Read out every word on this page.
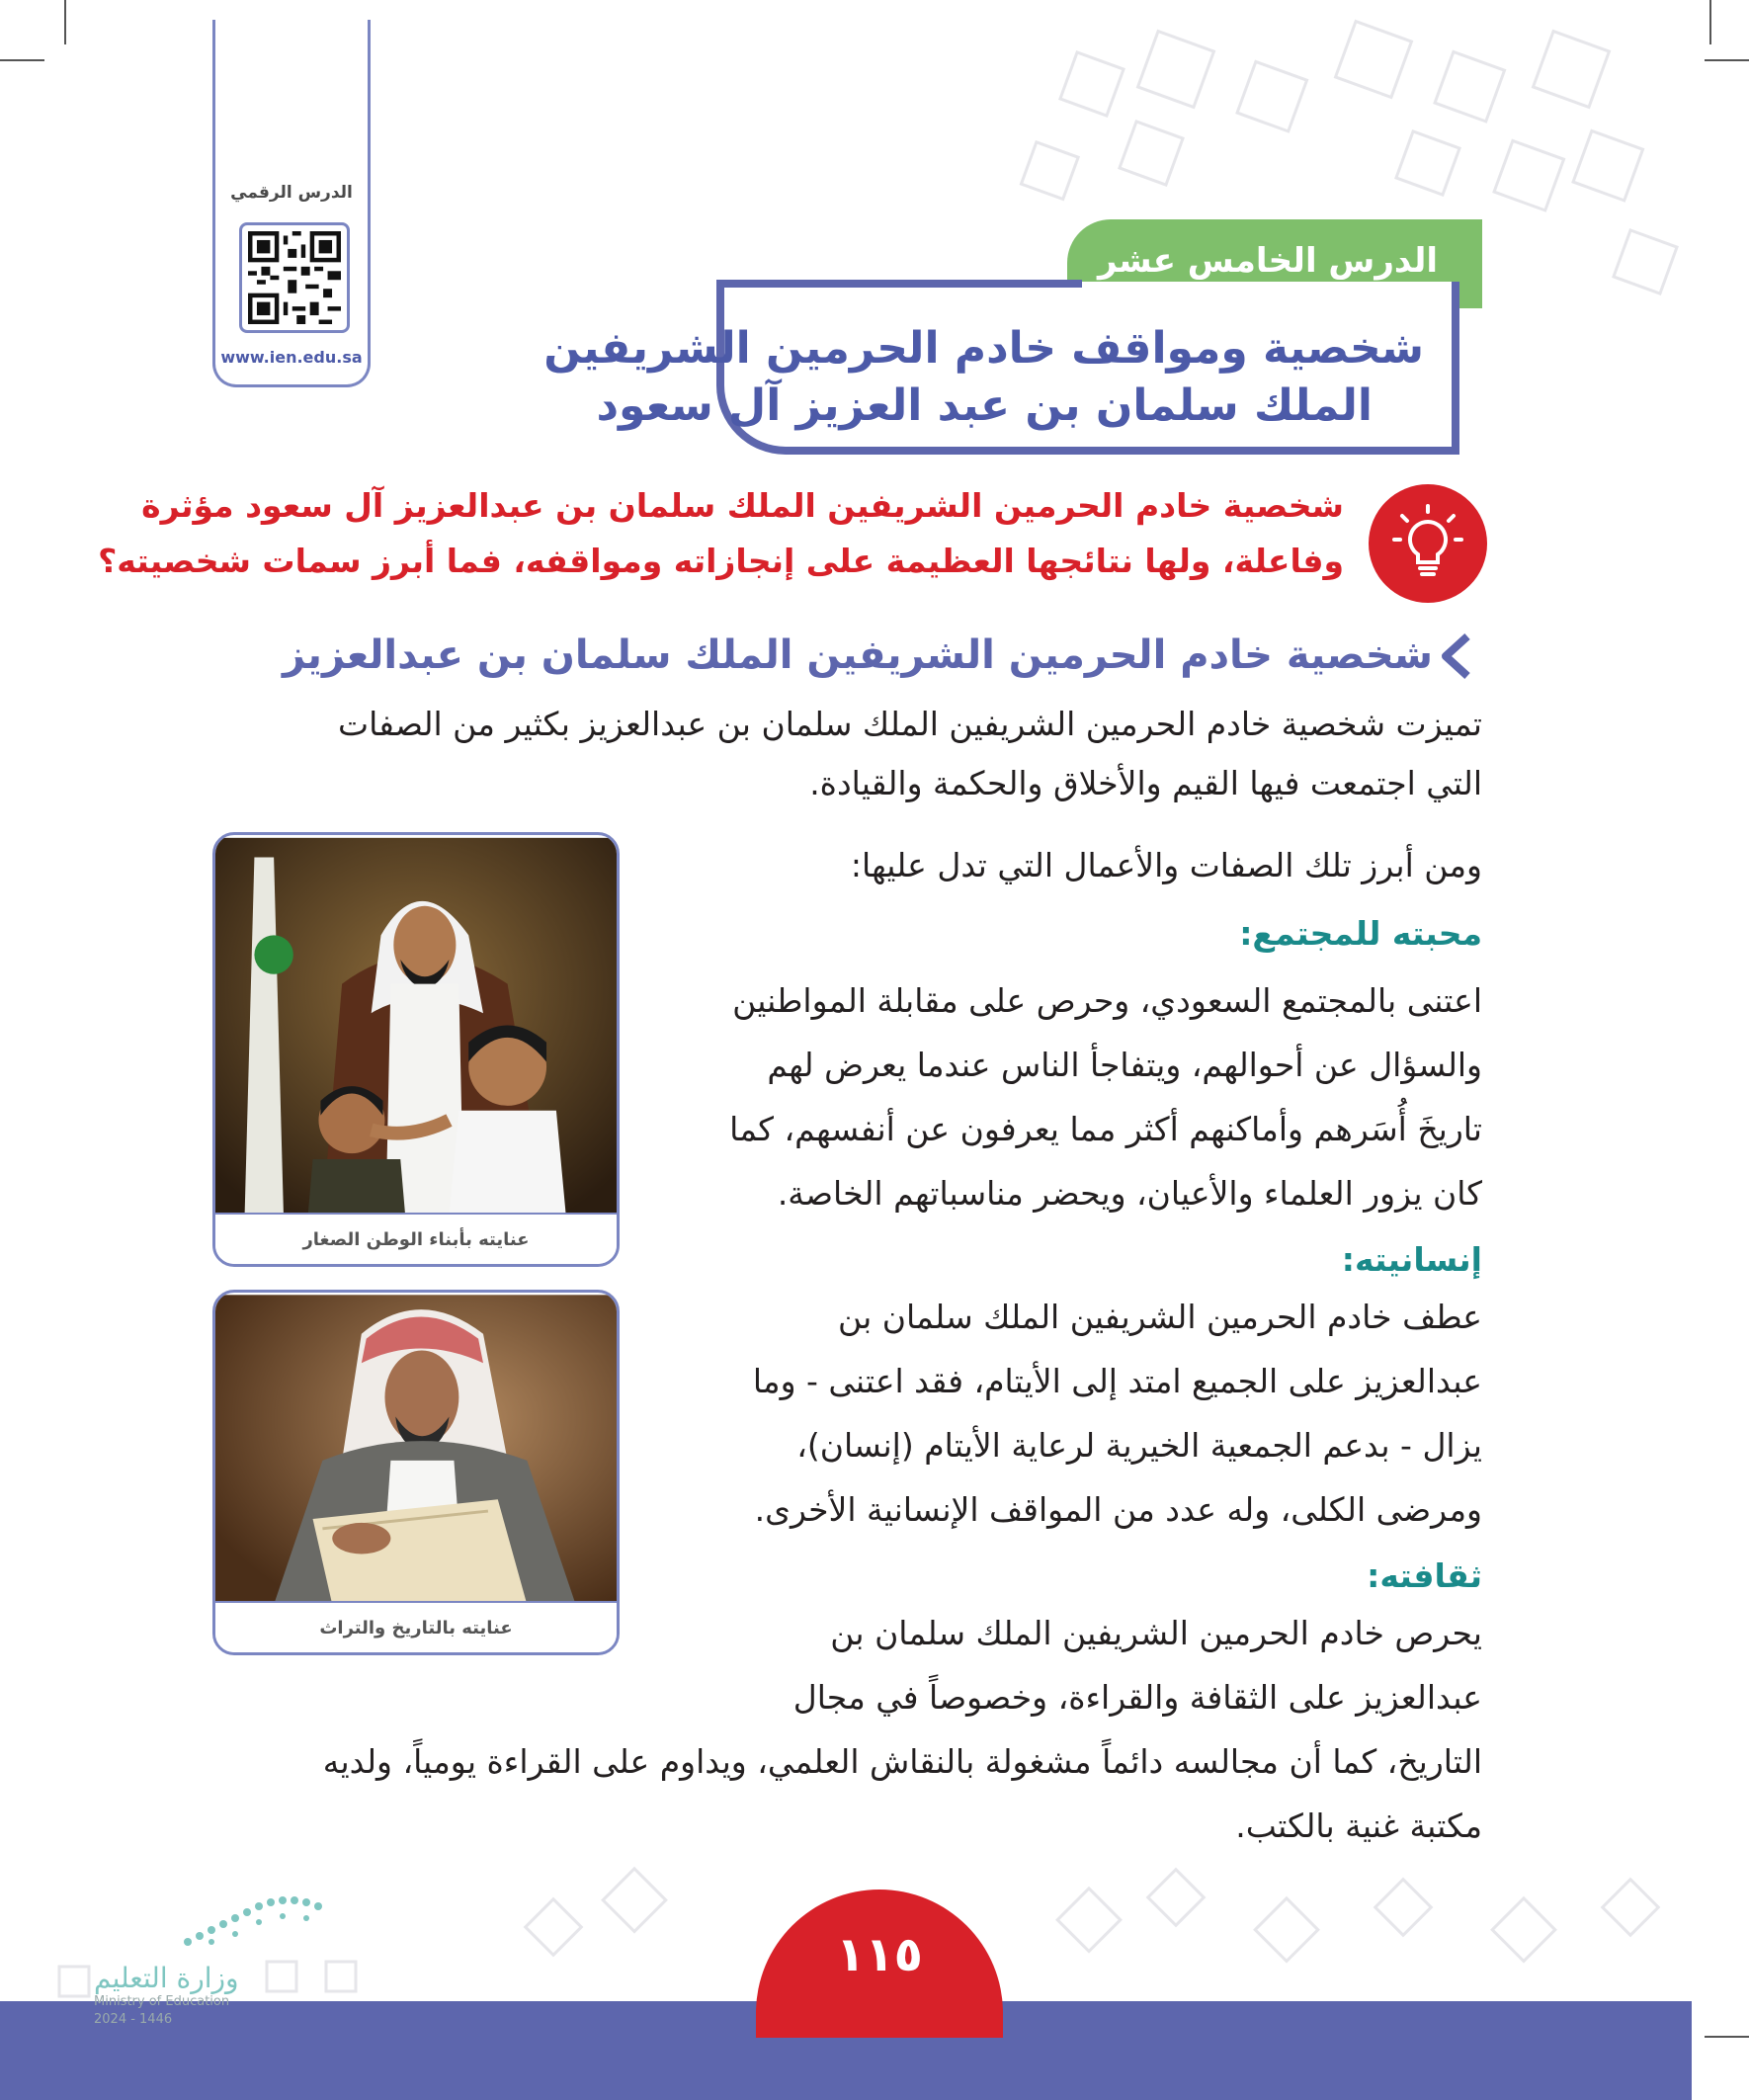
الدرس الرقمي
www.ien.edu.sa
الدرس الخامس عشر
شخصية ومواقف خادم الحرمين الشريفين
الملك سلمان بن عبد العزيز آل سعود
شخصية خادم الحرمين الشريفين الملك سلمان بن عبدالعزيز آل سعود مؤثرة
وفاعلة، ولها نتائجها العظيمة على إنجازاته ومواقفه، فما أبرز سمات شخصيته؟
شخصية خادم الحرمين الشريفين الملك سلمان بن عبدالعزيز
تميزت شخصية خادم الحرمين الشريفين الملك سلمان بن عبدالعزيز بكثير من الصفات
التي اجتمعت فيها القيم والأخلاق والحكمة والقيادة.
ومن أبرز تلك الصفات والأعمال التي تدل عليها:
محبته للمجتمع:
اعتنى بالمجتمع السعودي، وحرص على مقابلة المواطنين
والسؤال عن أحوالهم، ويتفاجأ الناس عندما يعرض لهم
تاريخَ أُسَرهم وأماكنهم أكثر مما يعرفون عن أنفسهم، كما
كان يزور العلماء والأعيان، ويحضر مناسباتهم الخاصة.
إنسانيته:
عطف خادم الحرمين الشريفين الملك سلمان بن
عبدالعزيز على الجميع امتد إلى الأيتام، فقد اعتنى - وما
يزال - بدعم الجمعية الخيرية لرعاية الأيتام (إنسان)،
ومرضى الكلى، وله عدد من المواقف الإنسانية الأخرى.
ثقافته:
يحرص خادم الحرمين الشريفين الملك سلمان بن
عبدالعزيز على الثقافة والقراءة، وخصوصاً في مجال
التاريخ، كما أن مجالسه دائماً مشغولة بالنقاش العلمي، ويداوم على القراءة يومياً، ولديه
مكتبة غنية بالكتب.
عنايته بأبناء الوطن الصغار
عنايته بالتاريخ والتراث
١١٥
وزارة التعليم
Ministry of Education
2024 - 1446
